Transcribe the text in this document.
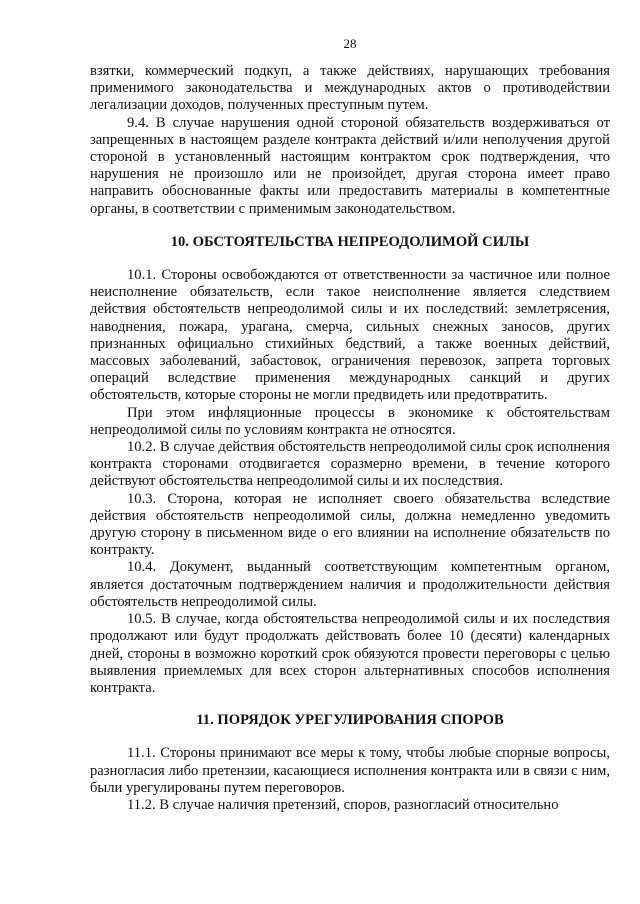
28

взятки, коммерческий подкуп, а также действиях, нарушающих требования применимого законодательства и международных актов о противодействии легализации доходов, полученных преступным путем.

9.4. В случае нарушения одной стороной обязательств воздерживаться от запрещенных в настоящем разделе контракта действий и/или неполучения другой стороной в установленный настоящим контрактом срок подтверждения, что нарушения не произошло или не произойдет, другая сторона имеет право направить обоснованные факты или предоставить материалы в компетентные органы, в соответствии с применимым законодательством.

10. ОБСТОЯТЕЛЬСТВА НЕПРЕОДОЛИМОЙ СИЛЫ

10.1. Стороны освобождаются от ответственности за частичное или полное неисполнение обязательств, если такое неисполнение является следствием действия обстоятельств непреодолимой силы и их последствий: землетрясения, наводнения, пожара, урагана, смерча, сильных снежных заносов, других признанных официально стихийных бедствий, а также военных действий, массовых заболеваний, забастовок, ограничения перевозок, запрета торговых операций вследствие применения международных санкций и других обстоятельств, которые стороны не могли предвидеть или предотвратить.

При этом инфляционные процессы в экономике к обстоятельствам непреодолимой силы по условиям контракта не относятся.

10.2. В случае действия обстоятельств непреодолимой силы срок исполнения контракта сторонами отодвигается соразмерно времени, в течение которого действуют обстоятельства непреодолимой силы и их последствия.

10.3. Сторона, которая не исполняет своего обязательства вследствие действия обстоятельств непреодолимой силы, должна немедленно уведомить другую сторону в письменном виде о его влиянии на исполнение обязательств по контракту.

10.4. Документ, выданный соответствующим компетентным органом, является достаточным подтверждением наличия и продолжительности действия обстоятельств непреодолимой силы.

10.5. В случае, когда обстоятельства непреодолимой силы и их последствия продолжают или будут продолжать действовать более 10 (десяти) календарных дней, стороны в возможно короткий срок обязуются провести переговоры с целью выявления приемлемых для всех сторон альтернативных способов исполнения контракта.

11. ПОРЯДОК УРЕГУЛИРОВАНИЯ СПОРОВ

11.1. Стороны принимают все меры к тому, чтобы любые спорные вопросы, разногласия либо претензии, касающиеся исполнения контракта или в связи с ним, были урегулированы путем переговоров.

11.2. В случае наличия претензий, споров, разногласий относительно
